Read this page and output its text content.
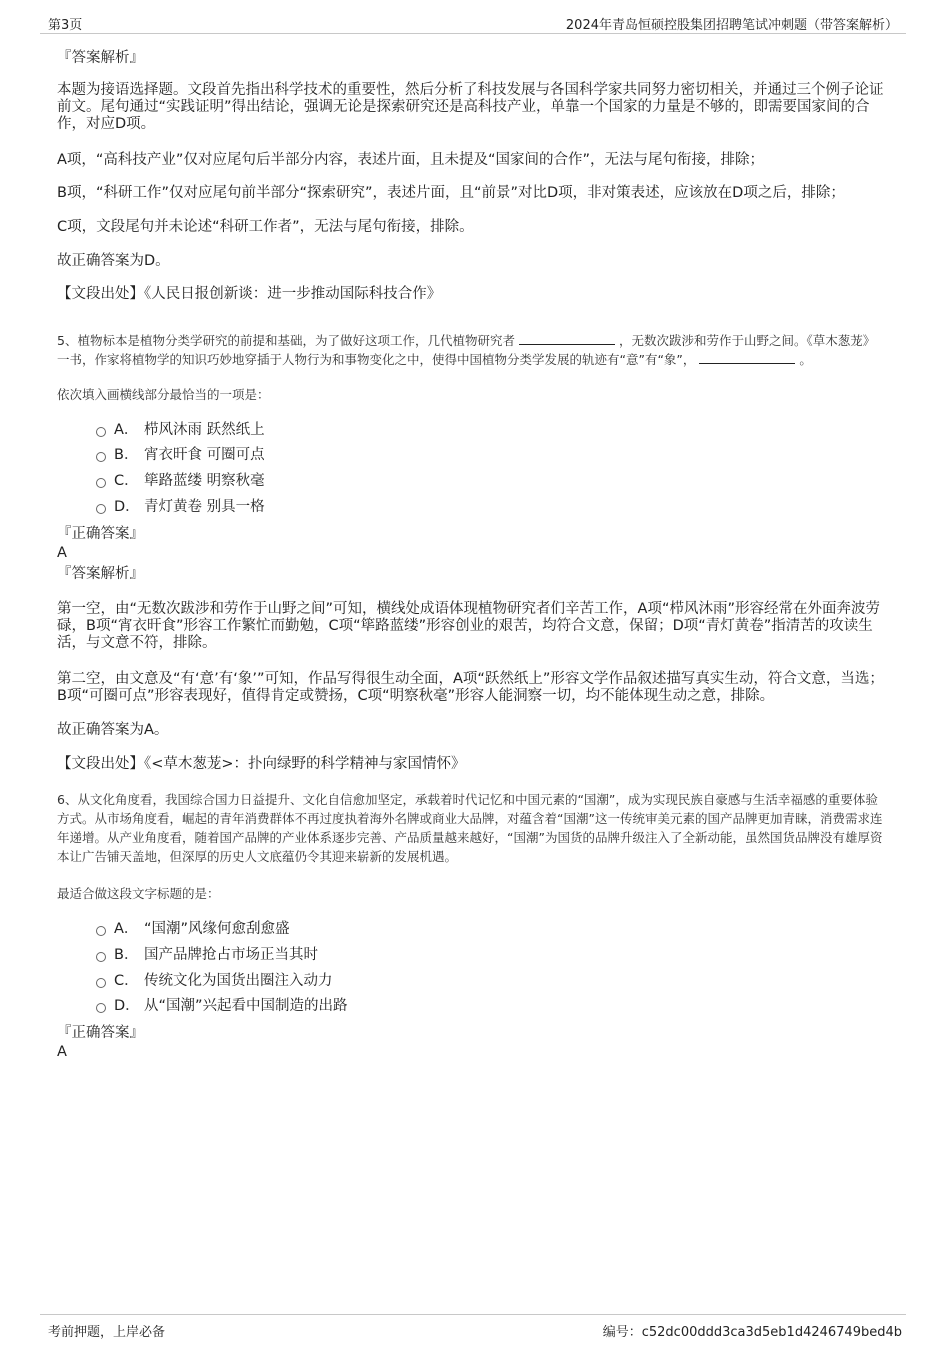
第3页	2024年青岛恒硕控股集团招聘笔试冲刺题（带答案解析）
『答案解析』
本题为接语选择题。文段首先指出科学技术的重要性，然后分析了科技发展与各国科学家共同努力密切相关，并通过三个例子论证前文。尾句通过“实践证明”得出结论，强调无论是探索研究还是高科技产业，单靠一个国家的力量是不够的，即需要国家间的合作，对应D项。
A项，“高科技产业”仅对应尾句后半部分内容，表述片面，且未提及“国家间的合作”，无法与尾句衔接，排除；
B项，“科研工作”仅对应尾句前半部分“探索研究”，表述片面，且“前景”对比D项，非对策表述，应该放在D项之后，排除；
C项，文段尾句并未论述“科研工作者”，无法与尾句衔接，排除。
故正确答案为D。
【文段出处】《人民日报创新谈：进一步推动国际科技合作》
5、植物标本是植物分类学研究的前提和基础，为了做好这项工作，几代植物研究者	，无数次跋涉和劳作于山野之间。《草木葱茏》一书，作家将植物学的知识巧妙地穿插于人物行为和事物变化之中，使得中国植物分类学发展的轨迹有“意”有“象”，	。
依次填入画横线部分最恰当的一项是：
A． 栉风沐雨 跃然纸上
B． 宵衣旰食 可圈可点
C． 筚路蓝缕 明察秋毫
D． 青灯黄卷 别具一格
『正确答案』
A
『答案解析』
第一空，由“无数次跋涉和劳作于山野之间”可知，横线处成语体现植物研究者们辛苦工作，A项“栉风沐雨”形容经常在外面奔波劳碌，B项“宵衣旰食”形容工作繁忙而勤勉，C项“筚路蓝缕”形容创业的艰苦，均符合文意，保留；D项“青灯黄卷”指清苦的攻读生活，与文意不符，排除。
第二空，由文意及“有‘意’有‘象’”可知，作品写得很生动全面，A项“跃然纸上”形容文学作品叙述描写真实生动，符合文意，当选；B项“可圈可点”形容表现好，值得肯定或赞扬，C项“明察秋毫”形容人能洞察一切，均不能体现生动之意，排除。
故正确答案为A。
【文段出处】《<草木葱茏>：扑向绿野的科学精神与家国情怀》
6、从文化角度看，我国综合国力日益提升、文化自信愈加坚定，承载着时代记忆和中国元素的“国潮”，成为实现民族自豪感与生活幸福感的重要体验方式。从市场角度看，崛起的青年消费群体不再过度执着海外名牌或商业大品牌，对蕴含着“国潮”这一传统审美元素的国产品牌更加青睐，消费需求连年递增。从产业角度看，随着国产品牌的产业体系逐步完善、产品质量越来越好，“国潮”为国货的品牌升级注入了全新动能，虽然国货品牌没有雄厚资本让广告铺天盖地，但深厚的历史人文底蕴仍令其迎来崭新的发展机遇。
最适合做这段文字标题的是：
A． “国潮”风缘何愈刮愈盛
B． 国产品牌抢占市场正当其时
C． 传统文化为国货出圈注入动力
D． 从“国潮”兴起看中国制造的出路
『正确答案』
A
考前押题，上岸必备	编号：c52dc00ddd3ca3d5eb1d4246749bed4b
